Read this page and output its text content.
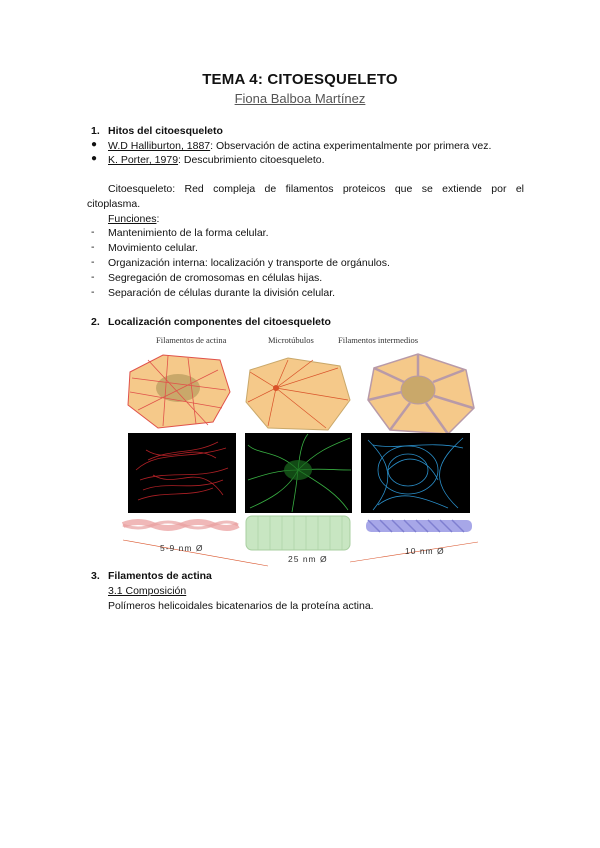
TEMA 4: CITOESQUELETO
Fiona Balboa Martínez
1. Hitos del citoesqueleto
● W.D Halliburton, 1887: Observación de actina experimentalmente por primera vez.
● K. Porter, 1979: Descubrimiento citoesqueleto.
Citoesqueleto: Red compleja de filamentos proteicos que se extiende por el
citoplasma.
Funciones:
- Mantenimiento de la forma celular.
- Movimiento celular.
- Organización interna: localización y transporte de orgánulos.
- Segregación de cromosomas en células hijas.
- Separación de células durante la división celular.
2. Localización componentes del citoesqueleto
Filamentos de actina	Microtúbulos	Filamentos intermedios
5-9 nm Ø
25 nm Ø
10 nm Ø
3. Filamentos de actina
3.1 Composición
Polímeros helicoidales bicatenarios de la proteína actina.
